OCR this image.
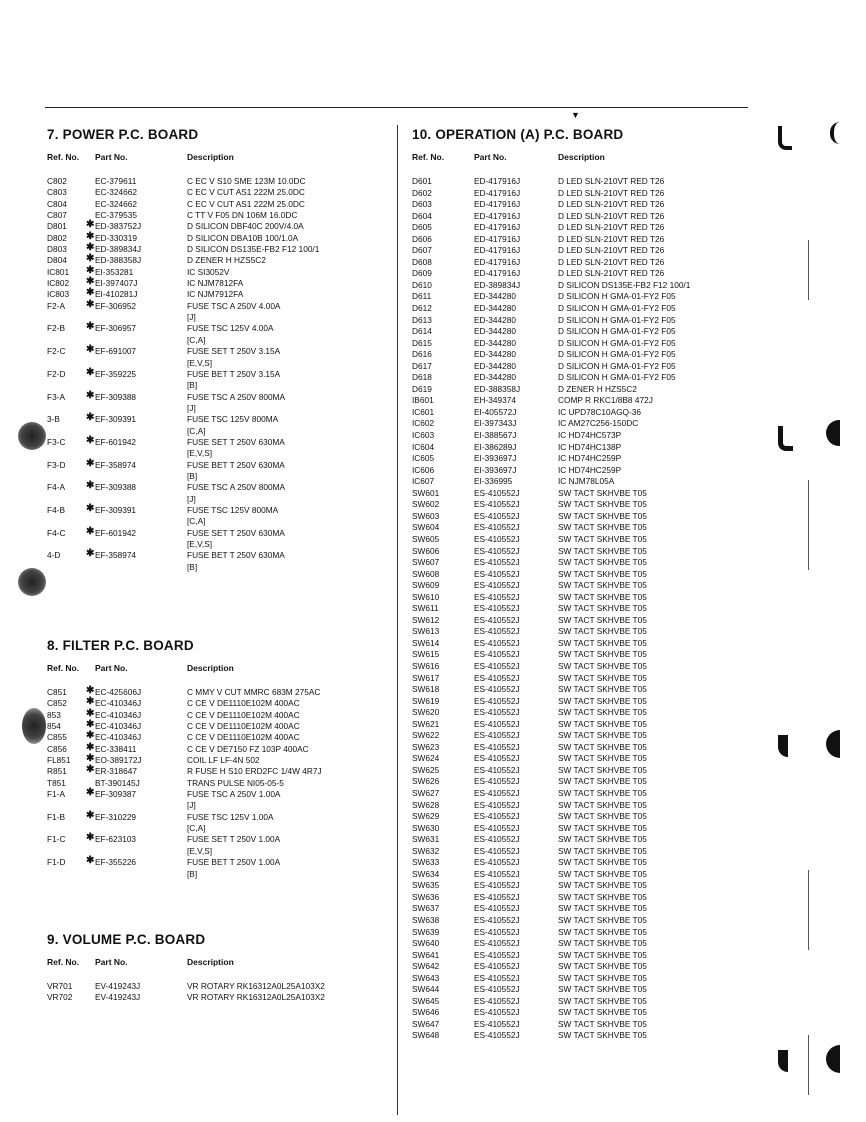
▼
7. POWER P.C. BOARD
Ref. No. Part No.	Description
C802	EC-379611	C EC V S10 SME 123M 10.0DC
C803	EC-324662	C EC V CUT AS1 222M 25.0DC
C804	EC-324662	C EC V CUT AS1 222M 25.0DC
C807	EC-379535	C TT V F05 DN 106M 16.0DC
D801 ✱ ED-383752J	D SILICON DBF40C 200V/4.0A
D802 ✱ ED-330319	D SILICON DBA10B 100/1.0A
D803 ✱ ED-389834J	D SILICON DS135E-FB2 F12 100/1
D804 ✱ ED-388358J	D ZENER H HZS5C2
IC801 ✱ EI-353281	IC SI3052V
IC802 ✱ EI-397407J	IC NJM7812FA
IC803 ✱ EI-410281J	IC NJM7912FA
F2-A ✱ EF-306952	FUSE TSC A 250V 4.00A
[J]
F2-B ✱ EF-306957	FUSE TSC 125V 4.00A
[C,A]
F2-C ✱ EF-691007	FUSE SET T 250V 3.15A
[E,V,S]
F2-D ✱ EF-359225	FUSE BET T 250V 3.15A
[B]
F3-A ✱ EF-309388	FUSE TSC A 250V 800MA
[J]
3-B	✱ EF-309391	FUSE TSC 125V 800MA
[C,A]
F3-C ✱ EF-601942	FUSE SET T 250V 630MA
[E,V,S]
F3-D ✱ EF-358974	FUSE BET T 250V 630MA
[B]
F4-A ✱ EF-309388	FUSE TSC A 250V 800MA
[J]
F4-B ✱ EF-309391	FUSE TSC 125V 800MA
[C,A]
F4-C ✱ EF-601942	FUSE SET T 250V 630MA
[E,V,S]
4-D	✱ EF-358974	FUSE BET T 250V 630MA
[B]
8. FILTER P.C. BOARD
Ref. No. Part No.	Description
C851 ✱ EC-425606J	C MMY V CUT MMRC 683M 275AC
C852 ✱ EC-410346J	C CE V DE1110E102M 400AC
853	✱ EC-410346J	C CE V DE1110E102M 400AC
854	✱ EC-410346J	C CE V DE1110E102M 400AC
C855 ✱ EC-410346J	C CE V DE1110E102M 400AC
C856 ✱ EC-338411	C CE V DE7150 FZ 103P 400AC
FL851 ✱ EO-389172J	COIL LF LF-4N 502
R851 ✱ ER-318647	R FUSE H S10 ERD2FC 1/4W 4R7J
T851	BT-390145J	TRANS PULSE NI05-05-5
F1-A ✱ EF-309387	FUSE TSC A 250V 1.00A
[J]
F1-B ✱ EF-310229	FUSE TSC 125V 1.00A
[C,A]
F1-C ✱ EF-623103	FUSE SET T 250V 1.00A
[E,V,S]
F1-D ✱ EF-355226	FUSE BET T 250V 1.00A
[B]
9. VOLUME P.C. BOARD
Ref. No. Part No.	Description
VR701	EV-419243J	VR ROTARY RK16312A0L25A103X2
VR702	EV-419243J	VR ROTARY RK16312A0L25A103X2
10. OPERATION (A) P.C. BOARD
Ref. No.	Part No.	Description
D601	ED-417916J	D LED SLN-210VT RED T26
D602	ED-417916J	D LED SLN-210VT RED T26
D603	ED-417916J	D LED SLN-210VT RED T26
D604	ED-417916J	D LED SLN-210VT RED T26
D605	ED-417916J	D LED SLN-210VT RED T26
D606	ED-417916J	D LED SLN-210VT RED T26
D607	ED-417916J	D LED SLN-210VT RED T26
D608	ED-417916J	D LED SLN-210VT RED T26
D609	ED-417916J	D LED SLN-210VT RED T26
D610	ED-389834J	D SILICON DS135E-FB2 F12 100/1
D611	ED-344280	D SILICON H GMA-01-FY2 F05
D612	ED-344280	D SILICON H GMA-01-FY2 F05
D613	ED-344280	D SILICON H GMA-01-FY2 F05
D614	ED-344280	D SILICON H GMA-01-FY2 F05
D615	ED-344280	D SILICON H GMA-01-FY2 F05
D616	ED-344280	D SILICON H GMA-01-FY2 F05
D617	ED-344280	D SILICON H GMA-01-FY2 F05
D618	ED-344280	D SILICON H GMA-01-FY2 F05
D619	ED-388358J	D ZENER H HZS5C2
IB601	EH-349374	COMP R RKC1/8B8 472J
IC601	EI-405572J	IC UPD78C10AGQ-36
IC602	EI-397343J	IC AM27C256-150DC
IC603	EI-388567J	IC HD74HC573P
IC604	EI-386289J	IC HD74HC138P
IC605	EI-393697J	IC HD74HC259P
IC606	EI-393697J	IC HD74HC259P
IC607	EI-336995	IC NJM78L05A
SW601	ES-410552J	SW TACT SKHVBE T05
SW602	ES-410552J	SW TACT SKHVBE T05
SW603	ES-410552J	SW TACT SKHVBE T05
SW604	ES-410552J	SW TACT SKHVBE T05
SW605	ES-410552J	SW TACT SKHVBE T05
SW606	ES-410552J	SW TACT SKHVBE T05
SW607	ES-410552J	SW TACT SKHVBE T05
SW608	ES-410552J	SW TACT SKHVBE T05
SW609	ES-410552J	SW TACT SKHVBE T05
SW610	ES-410552J	SW TACT SKHVBE T05
SW611	ES-410552J	SW TACT SKHVBE T05
SW612	ES-410552J	SW TACT SKHVBE T05
SW613	ES-410552J	SW TACT SKHVBE T05
SW614	ES-410552J	SW TACT SKHVBE T05
SW615	ES-410552J	SW TACT SKHVBE T05
SW616	ES-410552J	SW TACT SKHVBE T05
SW617	ES-410552J	SW TACT SKHVBE T05
SW618	ES-410552J	SW TACT SKHVBE T05
SW619	ES-410552J	SW TACT SKHVBE T05
SW620	ES-410552J	SW TACT SKHVBE T05
SW621	ES-410552J	SW TACT SKHVBE T05
SW622	ES-410552J	SW TACT SKHVBE T05
SW623	ES-410552J	SW TACT SKHVBE T05
SW624	ES-410552J	SW TACT SKHVBE T05
SW625	ES-410552J	SW TACT SKHVBE T05
SW626	ES-410552J	SW TACT SKHVBE T05
SW627	ES-410552J	SW TACT SKHVBE T05
SW628	ES-410552J	SW TACT SKHVBE T05
SW629	ES-410552J	SW TACT SKHVBE T05
SW630	ES-410552J	SW TACT SKHVBE T05
SW631	ES-410552J	SW TACT SKHVBE T05
SW632	ES-410552J	SW TACT SKHVBE T05
SW633	ES-410552J	SW TACT SKHVBE T05
SW634	ES-410552J	SW TACT SKHVBE T05
SW635	ES-410552J	SW TACT SKHVBE T05
SW636	ES-410552J	SW TACT SKHVBE T05
SW637	ES-410552J	SW TACT SKHVBE T05
SW638	ES-410552J	SW TACT SKHVBE T05
SW639	ES-410552J	SW TACT SKHVBE T05
SW640	ES-410552J	SW TACT SKHVBE T05
SW641	ES-410552J	SW TACT SKHVBE T05
SW642	ES-410552J	SW TACT SKHVBE T05
SW643	ES-410552J	SW TACT SKHVBE T05
SW644	ES-410552J	SW TACT SKHVBE T05
SW645	ES-410552J	SW TACT SKHVBE T05
SW646	ES-410552J	SW TACT SKHVBE T05
SW647	ES-410552J	SW TACT SKHVBE T05
SW648	ES-410552J	SW TACT SKHVBE T05
